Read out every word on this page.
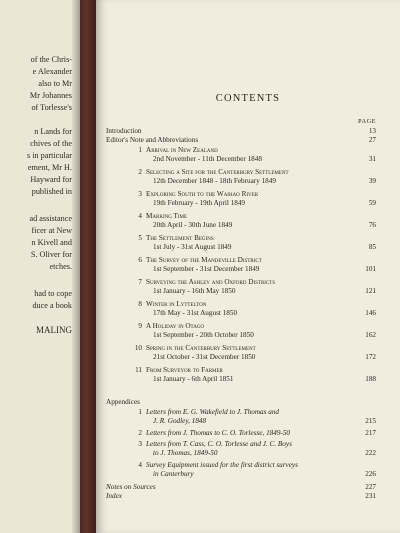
of the Chris-
e Alexander
also to Mr
Mr Johannes
of Torlesse's
n Lands for
chives of the
s in particular
ement, Mr H.
Hayward for
published in
ad assistance
ficer at New
n Kivell and
S. Oliver for
etches.
had to cope
duce a book
MALING
CONTENTS
PAGE
Introduction	13
Editor's Note and Abbreviations	27
1 Arrival in New Zealand
2nd November - 11th December 1848	31
2 Selecting a Site for the Canterbury Settlement
12th December 1848 - 18th February 1849	39
3 Exploring South to the Waihao River
19th February - 19th April 1849	59
4 Marking Time
20th April - 30th June 1849	76
5 The Settlement Begins
1st July - 31st August 1849	85
6 The Survey of the Mandeville District
1st September - 31st December 1849	101
7 Surveying the Ashley and Oxford Districts
1st January - 16th May 1850	121
8 Winter in Lyttelton
17th May - 31st August 1850	146
9 A Holiday in Otago
1st September - 20th October 1850	162
10 Spring in the Canterbury Settlement
21st October - 31st December 1850	172
11 From Surveyor to Farmer
1st January - 6th April 1851	188
Appendices
1 Letters from E. G. Wakefield to J. Thomas and
J. R. Godley, 1848	215
2 Letters from J. Thomas to C. O. Torlesse, 1849-50	217
3 Letters from T. Cass, C. O. Torlesse and J. C. Boys
to J. Thomas, 1849-50	222
4 Survey Equipment issued for the first district surveys
in Canterbury	226
Notes on Sources	227
Index	231
